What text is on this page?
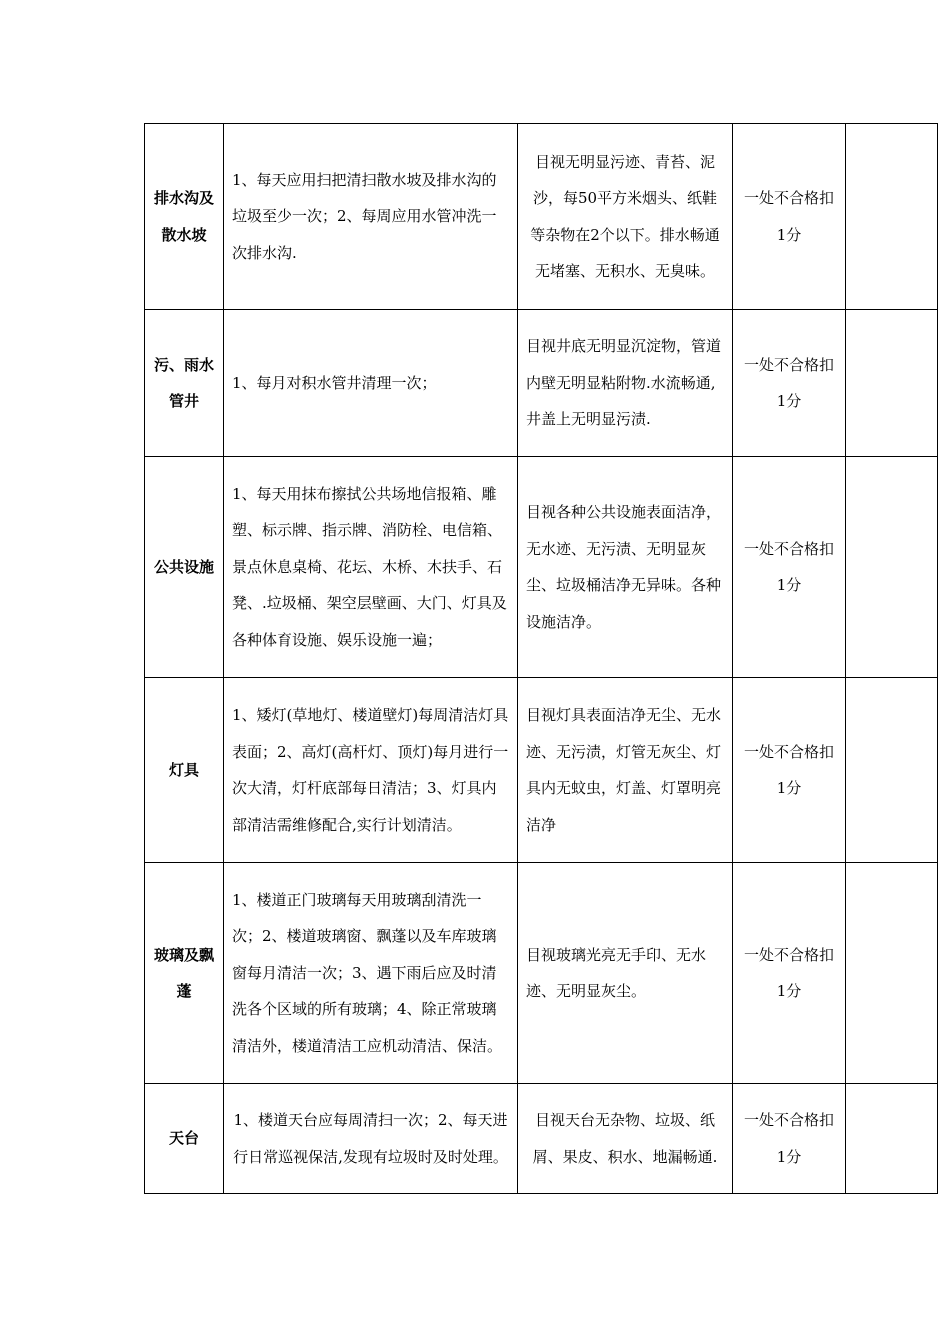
排水沟及散水坡	1、每天应用扫把清扫散水坡及排水沟的垃圾至少一次；2、每周应用水管冲洗一次排水沟.	目视无明显污迹、青苔、泥沙，每50平方米烟头、纸鞋等杂物在2个以下。排水畅通无堵塞、无积水、无臭味。	一处不合格扣1分	
污、雨水管井	1、每月对积水管井清理一次；	目视井底无明显沉淀物，管道内壁无明显粘附物.水流畅通,井盖上无明显污渍.	一处不合格扣1分	
公共设施	1、每天用抹布擦拭公共场地信报箱、雕塑、标示牌、指示牌、消防栓、电信箱、景点休息桌椅、花坛、木桥、木扶手、石凳、.垃圾桶、架空层壁画、大门、灯具及各种体育设施、娱乐设施一遍；	目视各种公共设施表面洁净，无水迹、无污渍、无明显灰尘、垃圾桶洁净无异味。各种设施洁净。	一处不合格扣1分	
灯具	1、矮灯(草地灯、楼道壁灯)每周清洁灯具表面；2、高灯(高杆灯、顶灯)每月进行一次大清，灯杆底部每日清洁；3、灯具内部清洁需维修配合,实行计划清洁。	目视灯具表面洁净无尘、无水迹、无污渍，灯管无灰尘、灯具内无蚊虫，灯盖、灯罩明亮洁净	一处不合格扣1分	
玻璃及飘蓬	1、楼道正门玻璃每天用玻璃刮清洗一次；2、楼道玻璃窗、飘蓬以及车库玻璃窗每月清洁一次；3、遇下雨后应及时清洗各个区域的所有玻璃；4、除正常玻璃清洁外，楼道清洁工应机动清洁、保洁。	目视玻璃光亮无手印、无水迹、无明显灰尘。	一处不合格扣1分	
天台	1、楼道天台应每周清扫一次；2、每天进行日常巡视保洁,发现有垃圾时及时处理。	目视天台无杂物、垃圾、纸屑、果皮、积水、地漏畅通.	一处不合格扣1分	
